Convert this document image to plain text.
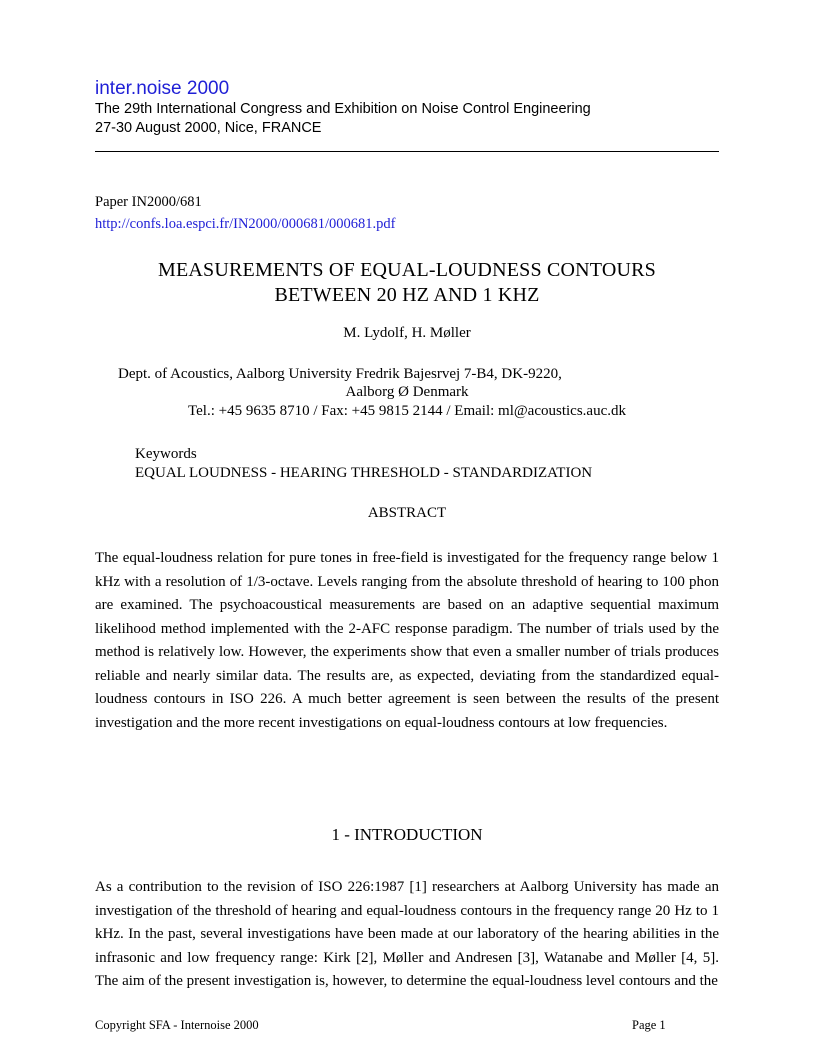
inter.noise 2000
The 29th International Congress and Exhibition on Noise Control Engineering
27-30 August 2000, Nice, FRANCE
Paper IN2000/681
http://confs.loa.espci.fr/IN2000/000681/000681.pdf
MEASUREMENTS OF EQUAL-LOUDNESS CONTOURS
BETWEEN 20 HZ AND 1 KHZ
M. Lydolf, H. Møller
Dept. of Acoustics, Aalborg University Fredrik Bajesrvej 7-B4, DK-9220,
Aalborg Ø Denmark
Tel.: +45 9635 8710 / Fax: +45 9815 2144 / Email: ml@acoustics.auc.dk
Keywords
EQUAL LOUDNESS - HEARING THRESHOLD - STANDARDIZATION
ABSTRACT
The equal-loudness relation for pure tones in free-field is investigated for the frequency range below 1 kHz with a resolution of 1/3-octave. Levels ranging from the absolute threshold of hearing to 100 phon are examined. The psychoacoustical measurements are based on an adaptive sequential maximum likelihood method implemented with the 2-AFC response paradigm. The number of trials used by the method is relatively low. However, the experiments show that even a smaller number of trials produces reliable and nearly similar data. The results are, as expected, deviating from the standardized equal-loudness contours in ISO 226. A much better agreement is seen between the results of the present investigation and the more recent investigations on equal-loudness contours at low frequencies.
1 - INTRODUCTION
As a contribution to the revision of ISO 226:1987 [1] researchers at Aalborg University has made an investigation of the threshold of hearing and equal-loudness contours in the frequency range 20 Hz to 1 kHz. In the past, several investigations have been made at our laboratory of the hearing abilities in the infrasonic and low frequency range: Kirk [2], Møller and Andresen [3], Watanabe and Møller [4, 5]. The aim of the present investigation is, however, to determine the equal-loudness level contours and the
Copyright SFA - Internoise 2000	Page 1
